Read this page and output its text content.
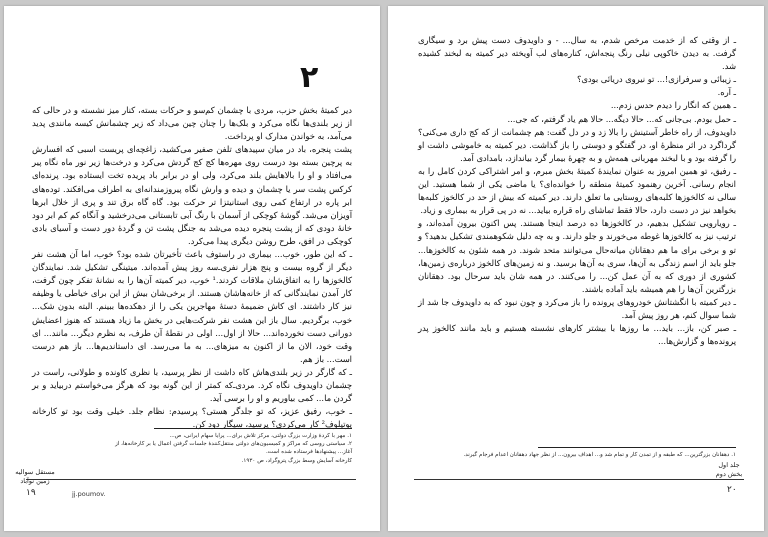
۲

دیر کمیتهٔ بخش حزب، مردی با چشمان کم‌سو و حرکات بسته، کنار میز نشسته و در حالی که از زیر بلندی‌ها نگاه می‌کرد و بلک‌ها را چنان چین می‌داد که زیر چشمانش کیسه مانندی پدید می‌آمد، به خواندن مدارک او پرداخت.

پشت پنجره، باد در میان سپیدهای تلفن صفیر می‌کشید، زاغچه‌ای پریست اسبی که افسارش به پرچین بسته بود درست روی مهره‌ها کج کج گردش می‌کرد و درخت‌ها زیر نور ماه نگاه پیر می‌افتاد و او را بالاهایش بلند می‌کرد، ولی او در برابر باد پریده تخت ایستاده بود. پرنده‌ای کرکس پشت سر یا چشمان و دیده و وارش نگاه پیروزمندانه‌ای به اطراف می‌افکند. توده‌های ابر پاره در ارتفاع کمی روی استانیتزا تر حرکت بود. گاه گاه برق تند و پری از خلال ابرها آویزان می‌شد. گوشهٔ کوچکی از آسمان با رنگ آبی تابستانی می‌درخشید و آنگاه کم کم ابر دود خانهٔ دودی که از پشت پنجره دیده می‌شد به جنگل پشت تن و گردهٔ دور دست و آسیای بادی کوچکی در افق، طرح روشن دیگری پیدا می‌کرد.

ـ که این طور، خوب... بیماری در راستوف باعث تأخیرتان شده بود؟ خوب، اما آن هشت نفر دیگر از گروه بیست و پنج هزار نفری‌ـ‌سه روز پیش آمده‌اند. میتینگی تشکیل شد. نمایندگان کالخوزها را به اتفاق‌شان ملاقات کردند.¹ خوب، دیر کمیته آن‌ها را به نشانهٔ تفکر چون گرفت، کار آمدن نمایندگانی که از خانه‌هاشان هستند. از برخی‌شان بیش از این برای خیاطی یا وظیفه نیز کار داشتند. ای کاش ضمیمهٔ دستهٔ مهاجرین یکی را از دهکده‌ها ببینم. البته بدون شک... خوب، برگردیم. سال باز این هشت نفر شرکت‌هایی در بخش ما زیاد هستند که هنوز اعضایش دورانی دست نخورده‌اند... حالا از اول... اولی در نقطهٔ آن طرف، به نظرم دیگر... مانند... ای وقت خود، الان ما از اکنون به میزهای... به ما می‌رسد. ای داستاندیم‌ها... باز هم درست است... باز هم.

ـ که گارگر در زیر بلندی‌هاش کاه داشت از نظر پرسید، با نظری کاونده و طولانی، راست در چشمان داویدوف نگاه کرد. مردی‌ـ‌که کمتر از این گونه بود که هرگز می‌خواستم دربیاید و بر گردن ما... کمی بیاوریم و او را برسی آید.

ـ خوب، رفیق عزیز، که تو جلدگر هستی؟ پرسیدم: نظام جلد. خیلی وقت بود تو کارخانه پوتیلوف² کار می‌کردی؟ پرسید، سیگار دود کن.

۱. مهر با کردهٔ وزارت بزرگ دولتی، مرکز تلاش برای... پرایا سهام ایرانی، ص...
۲. سیاستی روسی که مراکز و کمیسیون‌های دولتی منتقل‌کنندهٔ جلسات گرفتن اعمال یا بر کارخانه‌ها، از آغاز... پیشنهادها فرستاده شده است.
کارخانه آسایش وسط بزرگ پتروگراد، ص ۱۹۳۰.
مستقل سوالیه
زمین نوآباد
۱۹	jj.poumov.

ـ از وقتی که از خدمت مرخص شدم، به سال... - و داویدوف دست پیش برد و سیگاری گرفت. به دیدن خاکوپی نیلی رنگ پنجه‌اش، کناره‌های لب آویخته دیر کمیته به لبخند کشیده شد.

ـ زیبائی و سرفرازی!... تو نیروی دریائی بودی؟

ـ آره.

ـ همین که انگار را دیدم حدس زدم...

ـ حمل بودم. بی‌جانی که... حالا دیگه... حالا هم یاد گرفتم، که جی...

داویدوف، از راه خاطر آستینش را بالا زد و در دل گفت: هم چشمانت از که کج داری می‌کنی؟ گرداگرد در اثر منظرهٔ او، در گفتگو و دوستی را باز گذاشت. دیر کمیته به خاموشی داشت او را گرفته بود و با لبخند مهربانی همه‌ش و به چهرهٔ بیمار گرد بیاندازد، بامدادی آمد.

ـ رفیق، تو همین امروز به عنوان نمایندهٔ کمیتهٔ بخش مبرم، و امر اشتراکی کردن کامل را به انجام رسانی. آخرین رهنمود کمیتهٔ منطقه را خوانده‌ای؟ یا ماضی یکی از شما هستید. این سالی نه کالخوزها کلبه‌های روستایی ما تعلق دارند. دیر کمیته که بیش از حد در کالخوز کلبه‌ها بخواهد نیز در دست دارد، حالا فقط تماشای راه قراره بیاید... نه در پی قرار به بیماری و زیاد.

ـ رویارویی تشکیل بدهیم، در کالخوزها ده درصد اینجا هستند. پس اکنون بیرون آمده‌اند، و ترتیب نیز به کالخوزها غوطه می‌خورند و جلو دارند. و به چه دلیل شکوهمندی تشکیل بدهید؟ و تو و برخی برای ما هم دهقانان میانه‌حال می‌توانند متحد شوند. در همه شئون به کالخوز‌ها... جلو باید از اسم زندگی به آن‌ها، سری به آن‌ها برسید. و نه زمین‌های کالخوز درباره‌ی زمین‌ها، کشوری از دوری که به آن عمل کن... را می‌کنند. در همه شان باید سرحال بود. دهقانان بزرگترین آن‌ها را هم همیشه باید آماده باشند.

ـ دیر کمیته با انگشتانش خودروهای پرونده را باز می‌کرد و چون نبود که به داویدوف جا شد از شما سوال کنم، هر روز پیش آمد.

ـ صبر کن، باز... باید... ما روزها با بیشتر کارهای نشسته هستیم و باید مانند کالخوز پدر پرونده‌ها و گزارش‌ها...

۱. دهقانان بزرگترین... که طبقه و از تمدن کار و تمام شد و... اهداف بیرون... از نظر جهاد دهقانان اعدام فرجام گیرند.
جلد اول
بخش دوم
۲۰
